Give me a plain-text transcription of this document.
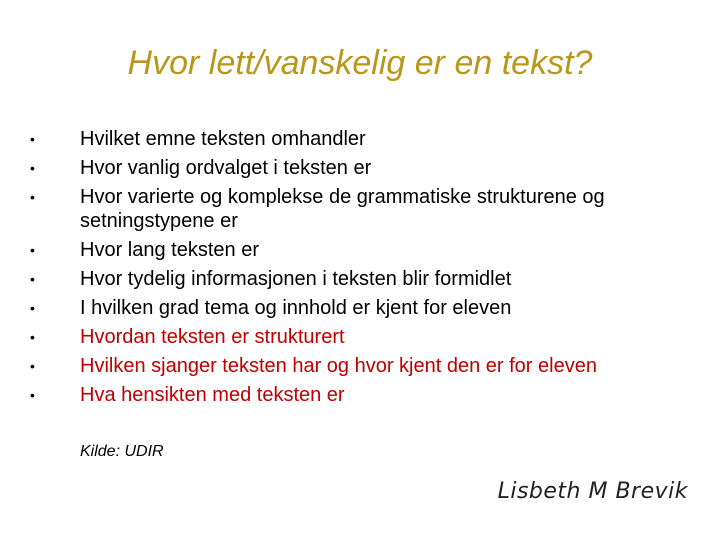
Hvor lett/vanskelig er en tekst?
•	Hvilket emne teksten omhandler
•	Hvor vanlig ordvalget i teksten er
•	Hvor varierte og komplekse de grammatiske strukturene og setningstypene er
•	Hvor lang teksten er
•	Hvor tydelig informasjonen i teksten blir formidlet
•	I hvilken grad tema og innhold er kjent for eleven
•	Hvordan teksten er strukturert
•	Hvilken sjanger teksten har og hvor kjent den er for eleven
•	Hva hensikten med teksten er
Kilde: UDIR
Lisbeth M Brevik
